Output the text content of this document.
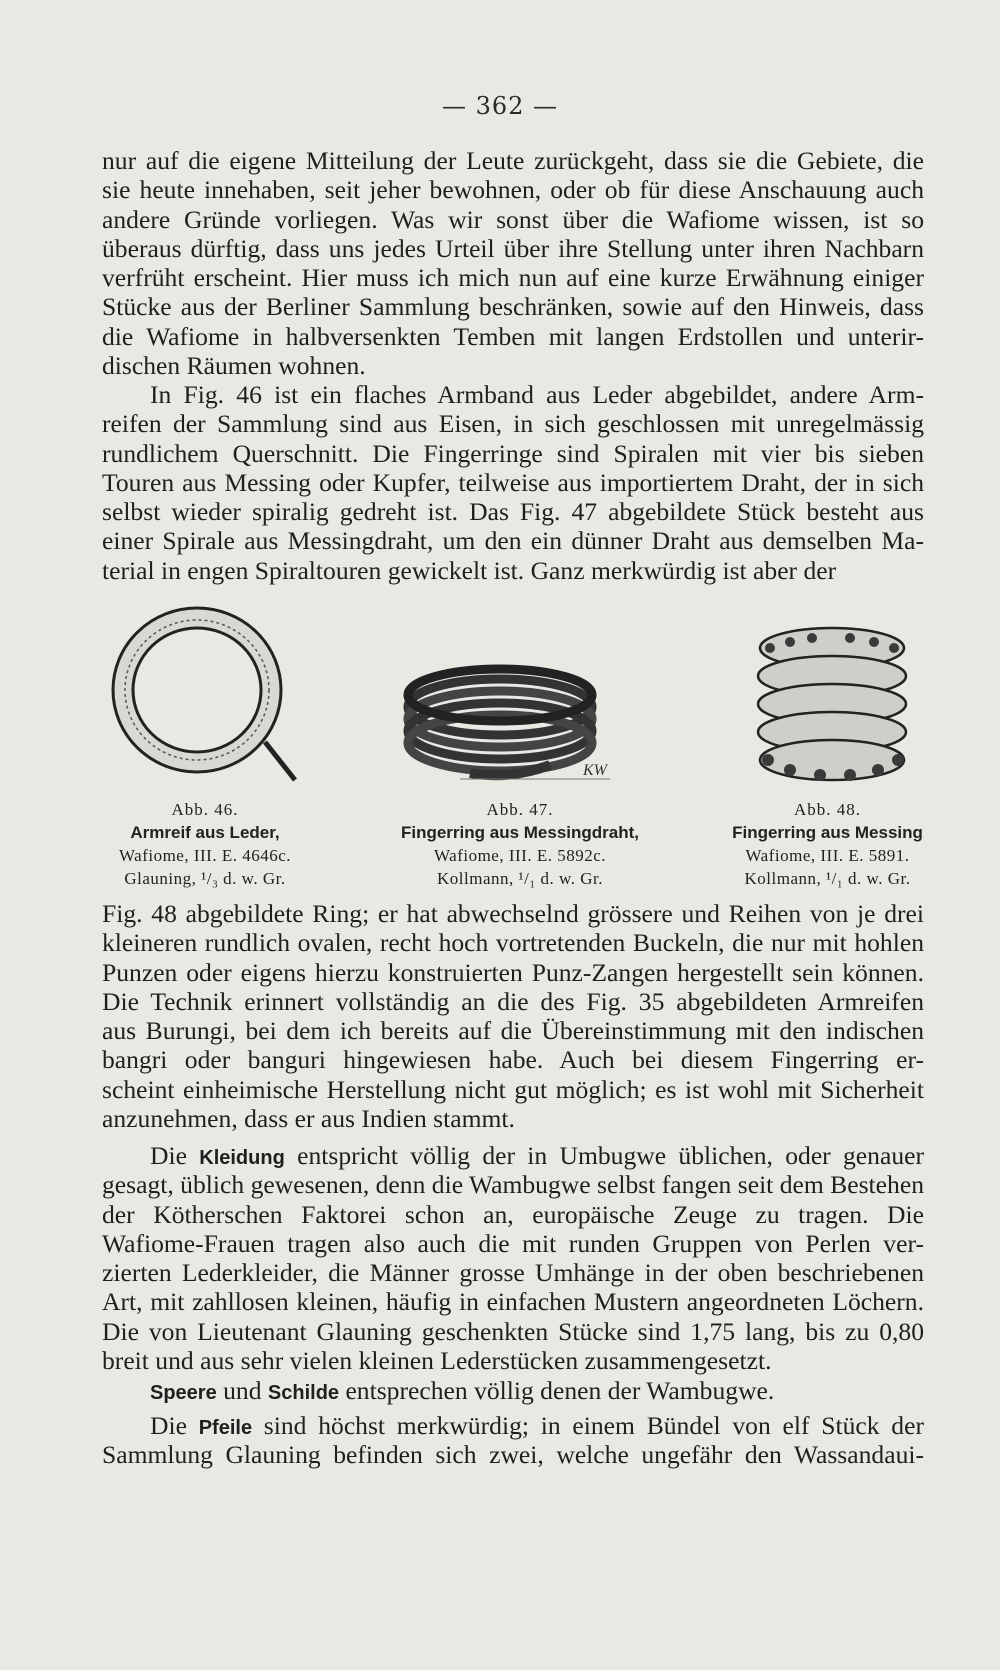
— 362 —
nur auf die eigene Mitteilung der Leute zurückgeht, dass sie die Gebiete, die
sie heute innehaben, seit jeher bewohnen, oder ob für diese Anschauung auch
andere Gründe vorliegen. Was wir sonst über die Wafiome wissen, ist so
überaus dürftig, dass uns jedes Urteil über ihre Stellung unter ihren Nachbarn
verfrüht erscheint. Hier muss ich mich nun auf eine kurze Erwähnung einiger
Stücke aus der Berliner Sammlung beschränken, sowie auf den Hinweis, dass
die Wafiome in halbversenkten Temben mit langen Erdstollen und unterir-
dischen Räumen wohnen.
In Fig. 46 ist ein flaches Armband aus Leder abgebildet, andere Arm-
reifen der Sammlung sind aus Eisen, in sich geschlossen mit unregelmässig
rundlichem Querschnitt. Die Fingerringe sind Spiralen mit vier bis sieben
Touren aus Messing oder Kupfer, teilweise aus importiertem Draht, der in sich
selbst wieder spiralig gedreht ist. Das Fig. 47 abgebildete Stück besteht aus
einer Spirale aus Messingdraht, um den ein dünner Draht aus demselben Ma-
terial in engen Spiraltouren gewickelt ist. Ganz merkwürdig ist aber der
KW
Abb. 46.
Armreif aus Leder,
Wafiome, III. E. 4646c.
Glauning, ¹/₃ d. w. Gr.
Abb. 47.
Fingerring aus Messingdraht,
Wafiome, III. E. 5892c.
Kollmann, ¹/₁ d. w. Gr.
Abb. 48.
Fingerring aus Messing
Wafiome, III. E. 5891.
Kollmann, ¹/₁ d. w. Gr.
Fig. 48 abgebildete Ring; er hat abwechselnd grössere und Reihen von je drei
kleineren rundlich ovalen, recht hoch vortretenden Buckeln, die nur mit hohlen
Punzen oder eigens hierzu konstruierten Punz-Zangen hergestellt sein können.
Die Technik erinnert vollständig an die des Fig. 35 abgebildeten Armreifen
aus Burungi, bei dem ich bereits auf die Übereinstimmung mit den indischen
bangri oder banguri hingewiesen habe. Auch bei diesem Fingerring er-
scheint einheimische Herstellung nicht gut möglich; es ist wohl mit Sicherheit
anzunehmen, dass er aus Indien stammt.
Die Kleidung entspricht völlig der in Umbugwe üblichen, oder genauer
gesagt, üblich gewesenen, denn die Wambugwe selbst fangen seit dem Bestehen
der Kötherschen Faktorei schon an, europäische Zeuge zu tragen. Die
Wafiome-Frauen tragen also auch die mit runden Gruppen von Perlen ver-
zierten Lederkleider, die Männer grosse Umhänge in der oben beschriebenen
Art, mit zahllosen kleinen, häufig in einfachen Mustern angeordneten Löchern.
Die von Lieutenant Glauning geschenkten Stücke sind 1,75 lang, bis zu 0,80
breit und aus sehr vielen kleinen Lederstücken zusammengesetzt.
Speere und Schilde entsprechen völlig denen der Wambugwe.
Die Pfeile sind höchst merkwürdig; in einem Bündel von elf Stück der
Sammlung Glauning befinden sich zwei, welche ungefähr den Wassandaui-
